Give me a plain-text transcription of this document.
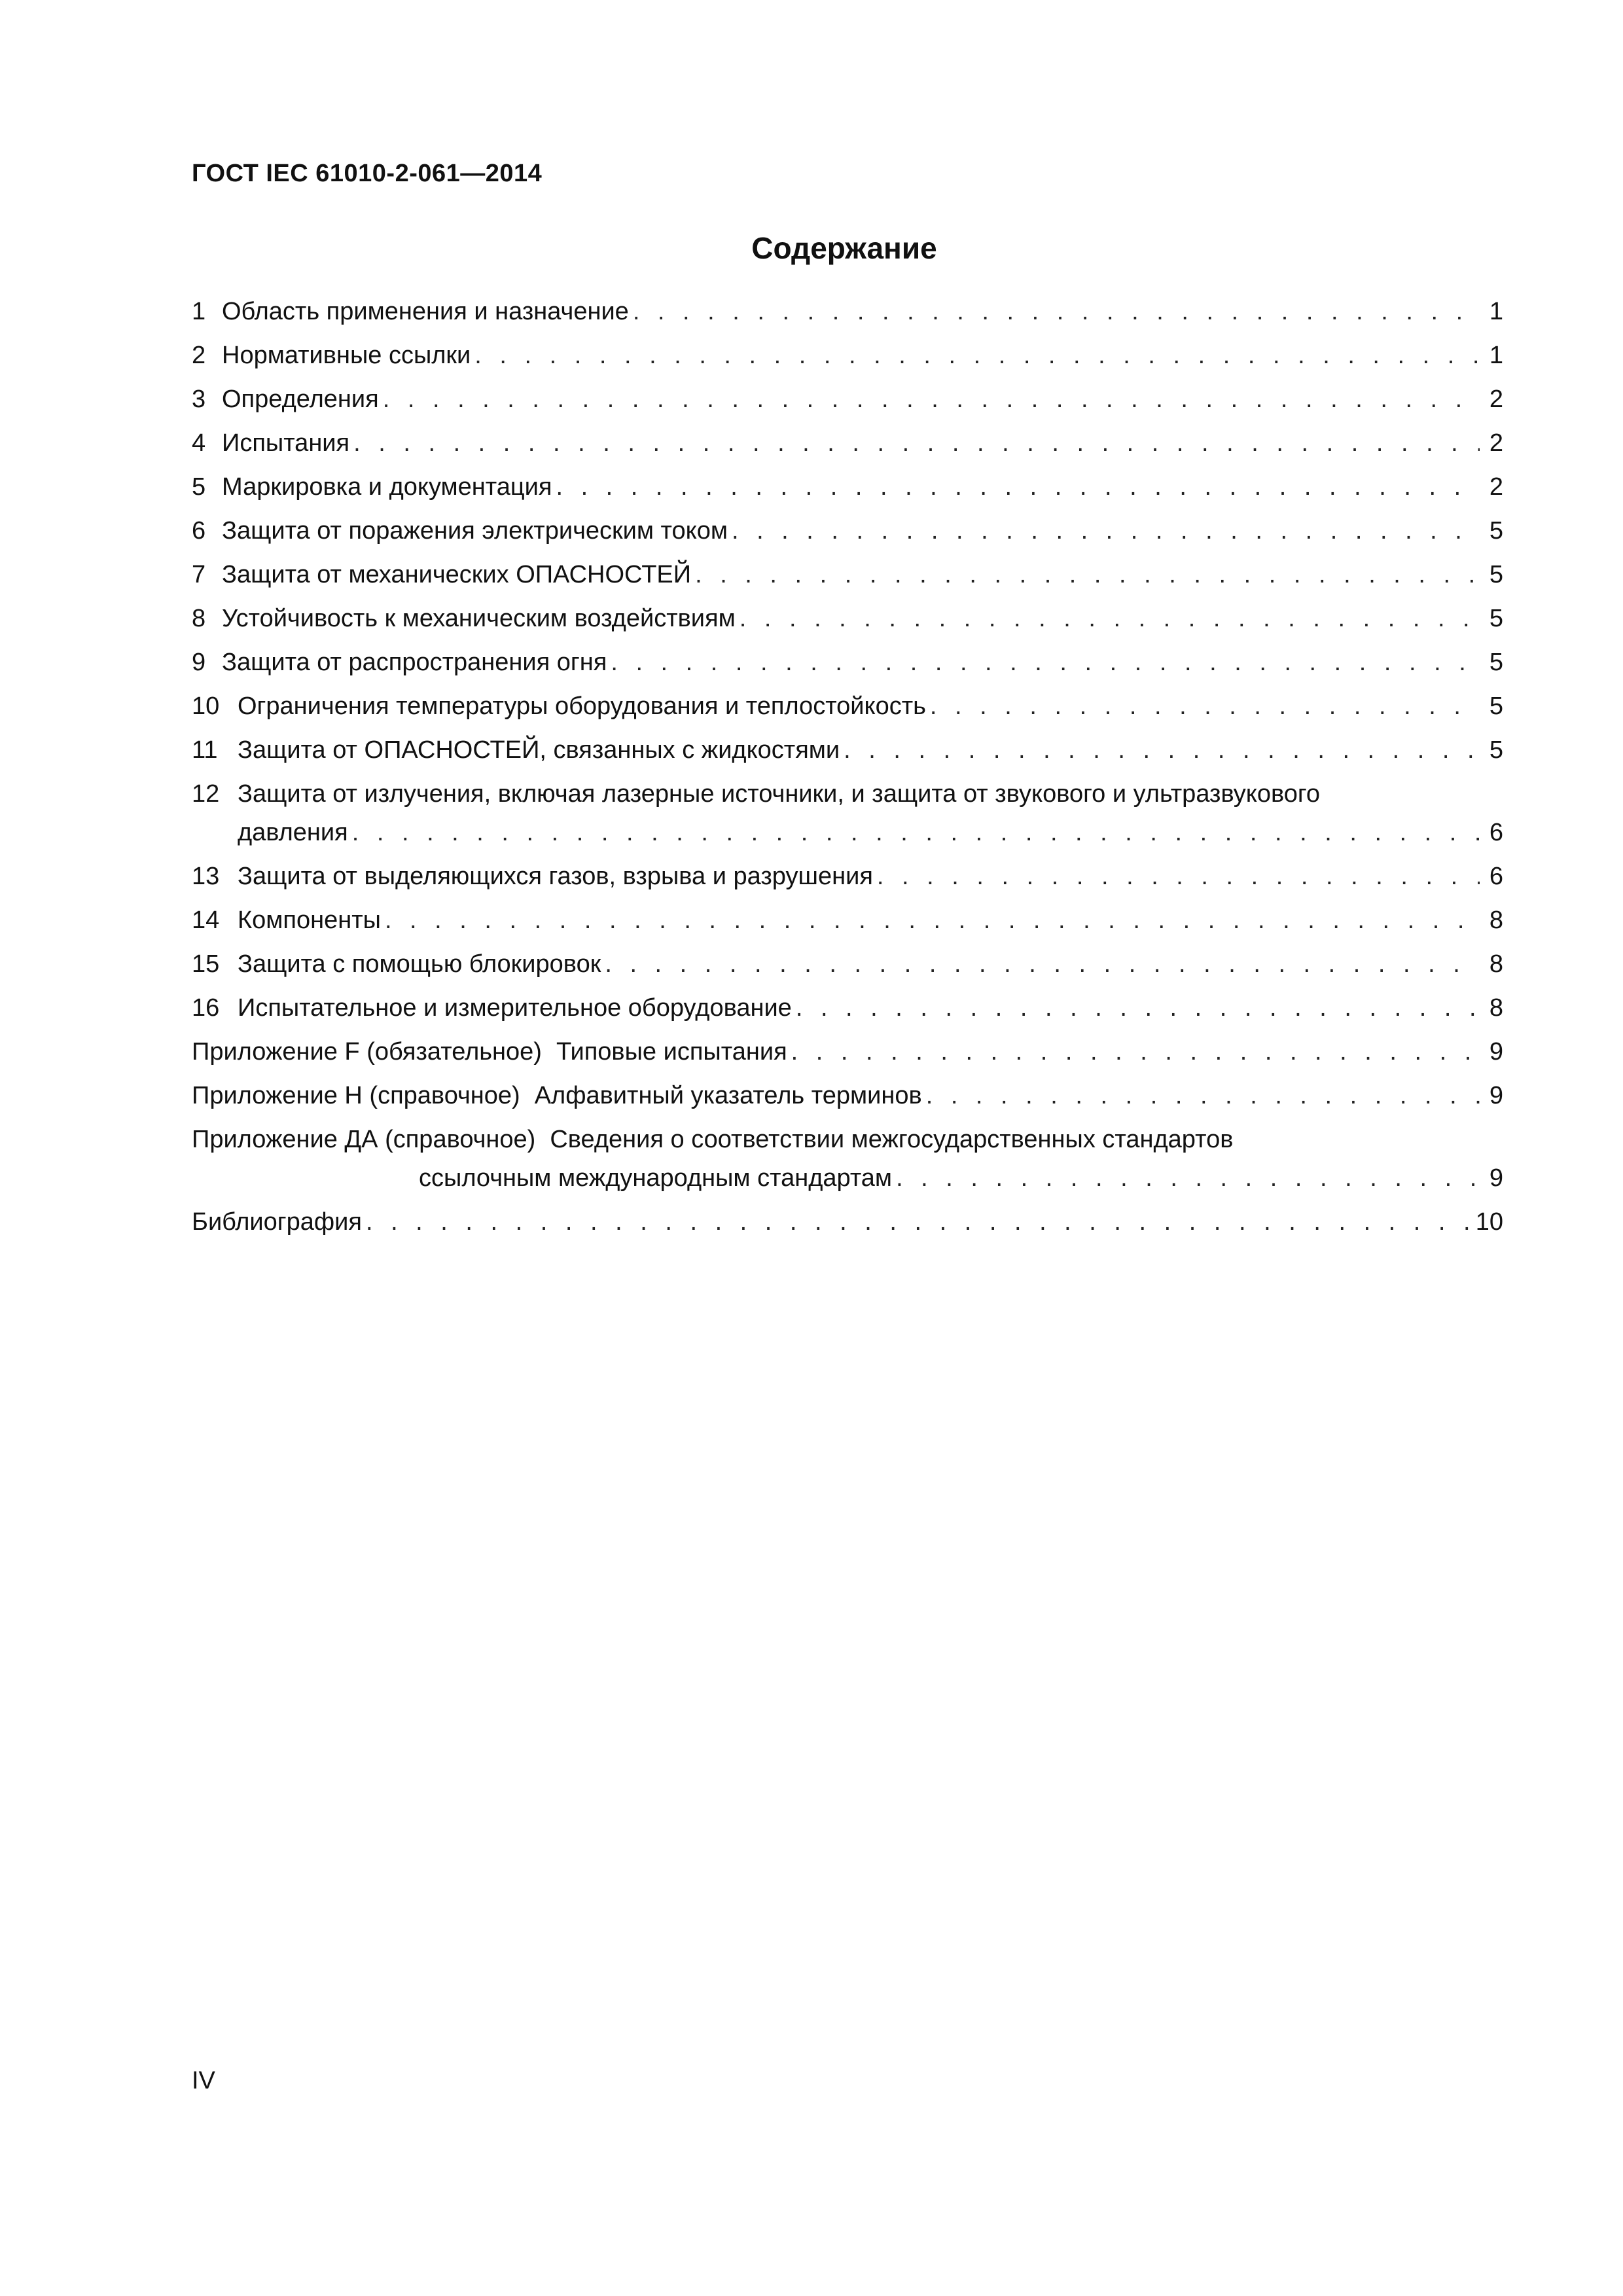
ГОСТ IEC 61010-2-061—2014
Содержание
1 Область применения и назначение . . .	1
2 Нормативные ссылки . . .	1
3 Определения . . .	2
4 Испытания . . .	2
5 Маркировка и документация . . .	2
6 Защита от поражения электрическим током . . .	5
7 Защита от механических ОПАСНОСТЕЙ . . .	5
8 Устойчивость к механическим воздействиям . . .	5
9 Защита от распространения огня . . .	5
10 Ограничения температуры оборудования и теплостойкость . . .	5
11 Защита от ОПАСНОСТЕЙ, связанных с жидкостями . . .	5
12 Защита от излучения, включая лазерные источники, и защита от звукового и ультразвукового
давления . . .	6
13 Защита от выделяющихся газов, взрыва и разрушения . . .	6
14 Компоненты . . .	8
15 Защита с помощью блокировок . . .	8
16 Испытательное и измерительное оборудование . . .	8
Приложение F (обязательное) Типовые испытания . . .	9
Приложение H (справочное) Алфавитный указатель терминов . . .	9
Приложение ДА (справочное) Сведения о соответствии межгосударственных стандартов
ссылочным международным стандартам . . .	9
Библиография . . .	10
IV
